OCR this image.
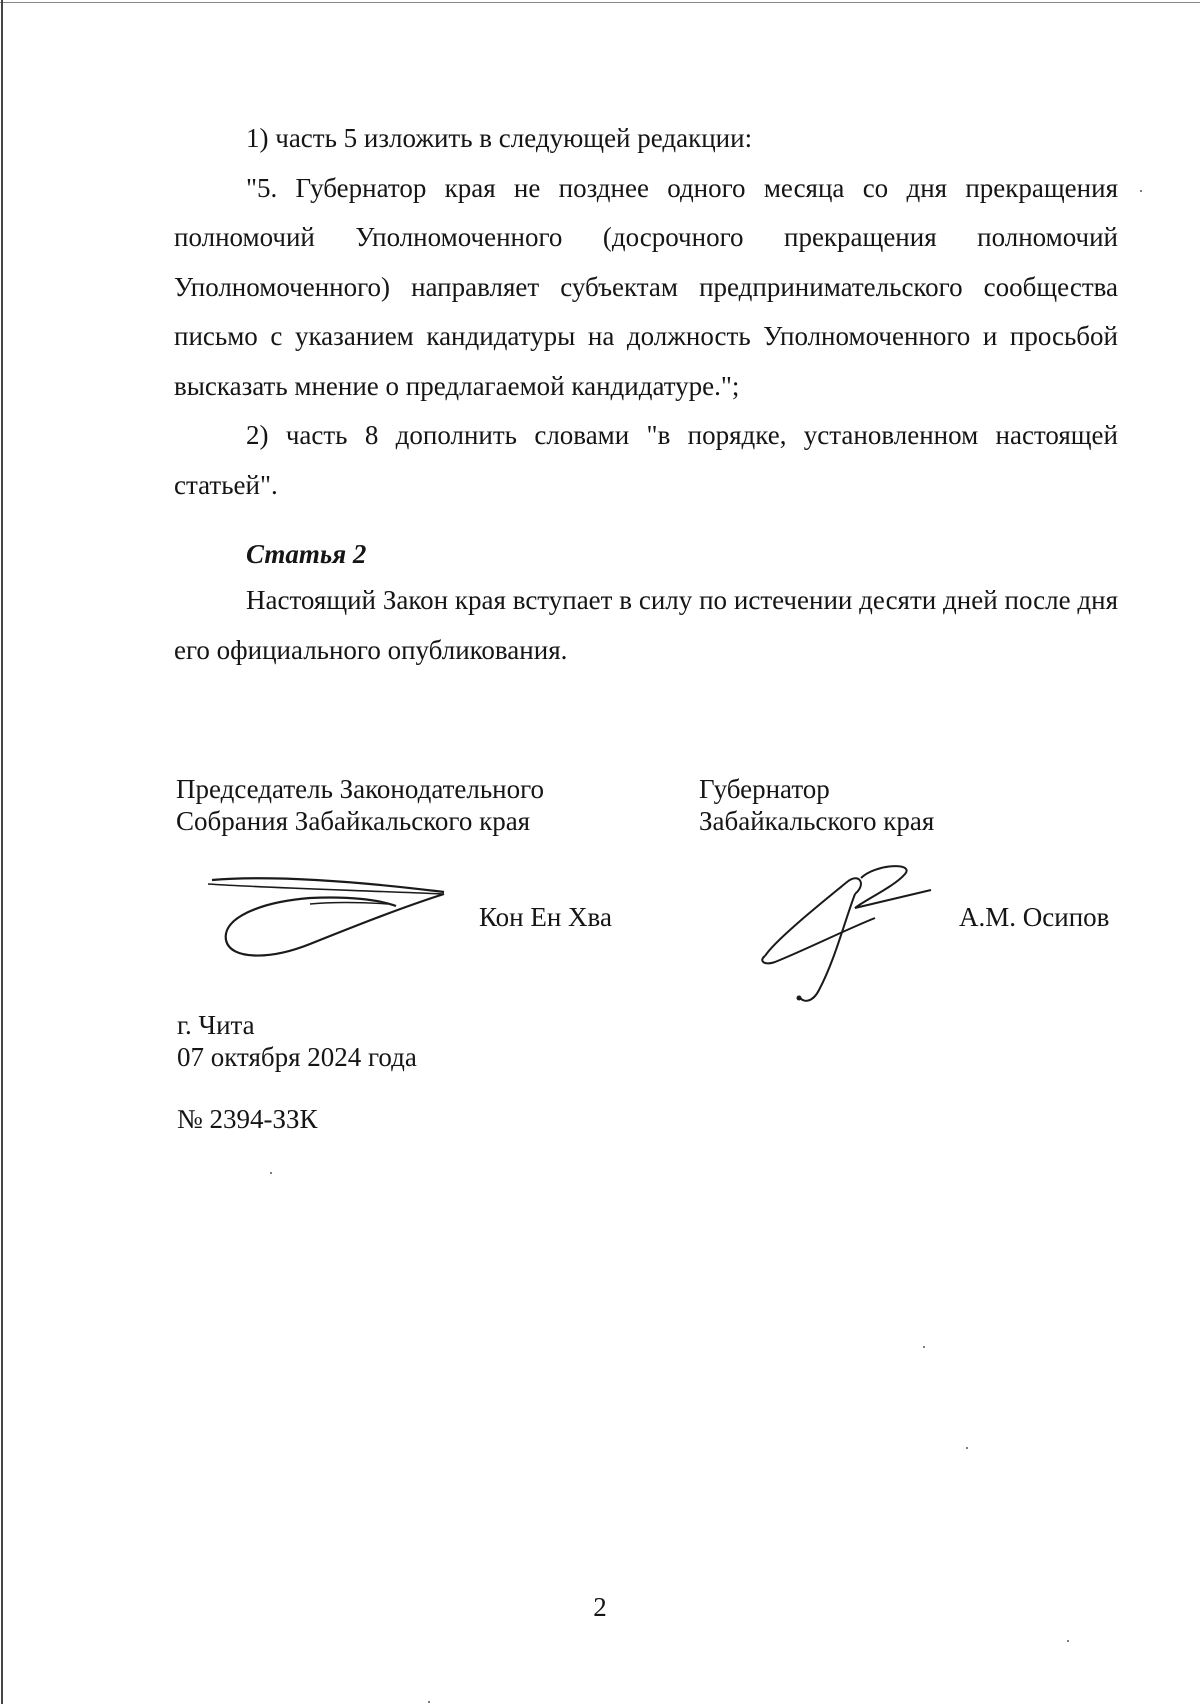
1) часть 5 изложить в следующей редакции:

"5. Губернатор края не позднее одного месяца со дня прекращения полномочий Уполномоченного (досрочного прекращения полномочий Уполномоченного) направляет субъектам предпринимательского сообщества письмо с указанием кандидатуры на должность Уполномоченного и просьбой высказать мнение о предлагаемой кандидатуре.";

2) часть 8 дополнить словами "в порядке, установленном настоящей статьей".

Статья 2

Настоящий Закон края вступает в силу по истечении десяти дней после дня его официального опубликования.

Председатель Законодательного
Собрания Забайкальского края
Кон Ен Хва
Губернатор
Забайкальского края
А.М. Осипов
г. Чита
07 октября 2024 года
№ 2394-ЗЗК
2
